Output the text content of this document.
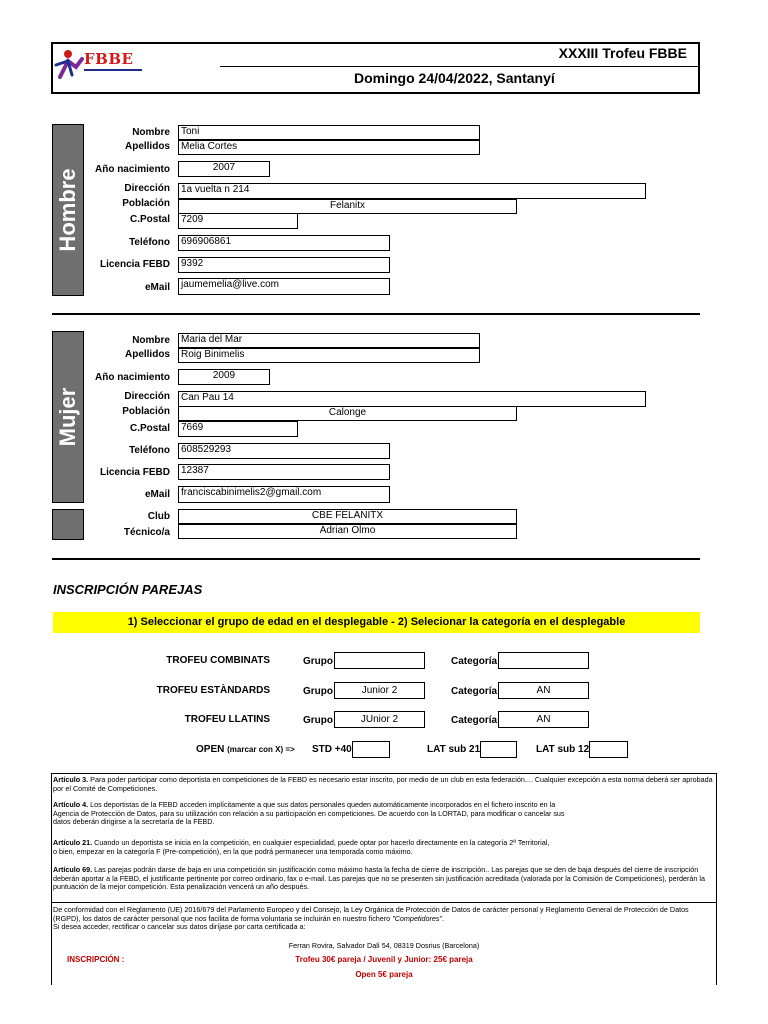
FBBE	XXXIII Trofeu FBBE
Domingo 24/04/2022, Santanyí
Hombre
Nombre	Toni
Apellidos	Melia Cortes
Año nacimiento	2007
Dirección	1a vuelta n 214
Población	Felanitx
C.Postal	7209
Teléfono	696906861
Licencia FEBD	9392
eMail	jaumemelia@live.com
Mujer
Nombre	Maria del Mar
Apellidos	Roig Binimelis
Año nacimiento	2009
Dirección	Can Pau 14
Población	Calonge
C.Postal	7669
Teléfono	608529293
Licencia FEBD	12387
eMail	franciscabinimelis2@gmail.com
Club	CBE FELANITX
Técnico/a	Adrian Olmo
INSCRIPCIÓN PAREJAS
1) Seleccionar el grupo de edad en el desplegable - 2) Selecionar la categoría en el desplegable
TROFEU COMBINATS	Grupo	Categoría
TROFEU ESTÀNDARDS	Grupo	Junior 2	Categoría	AN
TROFEU LLATINS	Grupo	JUnior 2	Categoría	AN
OPEN (marcar con X) => STD +40	LAT sub 21	LAT sub 12
Artículo 3. Para poder participar como deportista en competiciones de la FEBD es necesario estar inscrito, por medio de un club en esta federación.... Cualquier excepción a esta norma deberá ser aprobada por el Comité de Competiciones.
Artículo 4. Los deportistas de la FEBD acceden implícitamente a que sus datos personales queden automáticamente incorporados en el fichero inscrito en la Agencia de Protección de Datos, para su utilización con relación a su participación en competiciones. De acuerdo con la LORTAD, para modificar o cancelar sus datos deberán dirigirse a la secretaría de la FEBD.
Artículo 21. Cuando un deportista se inicia en la competición, en cualquier especialidad, puede optar por hacerlo directamente en la categoría 2ª Territorial, o bien, empezar en la categoría F (Pre-competición), en la que podrá permanecer una temporada como máximo.
Artículo 69. Las parejas podrán darse de baja en una competición sin justificación como máximo hasta la fecha de cierre de inscripción.. Las parejas que se den de baja después del cierre de inscripción deberán aportar a la FEBD, el justificante pertinente por correo ordinario, fax o e-mail. Las parejas que no se presenten sin justificación acreditada (valorada por la Comisión de Competiciones), perderán la puntuación de la mejor competición. Esta penalización vencerá un año después.
De conformidad con el Reglamento (UE) 2016/679 del Parlamento Europeo y del Consejo, la Ley Orgánica de Protección de Datos de carácter personal y Reglamento General de Protección de Datos (RGPD), los datos de carácter personal que nos facilita de forma voluntaria se incluirán en nuestro fichero "Competidores".
Si desea acceder, rectificar o cancelar sus datos diríjase por carta certificada a:
Ferran Rovira, Salvador Dalí 54, 08319 Dosrius (Barcelona)
INSCRIPCIÓN :	Trofeu 30€ pareja / Juvenil y Junior: 25€ pareja
Open 5€ pareja
